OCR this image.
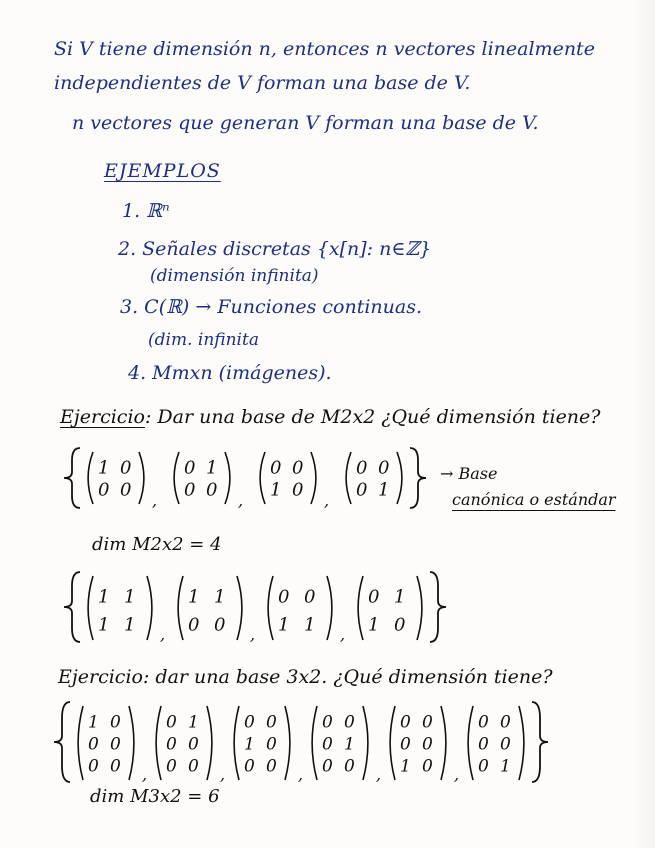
Si V tiene dimensión n, entonces n vectores linealmente
independientes de V forman una base de V.
n vectores que generan V forman una base de V.
EJEMPLOS
1. ℝⁿ
2. Señales discretas {x[n]: n∈ℤ}
(dimensión infinita)
3. C(ℝ) → Funciones continuas.
(dim. infinita
4. Mmxn (imágenes).
Ejercicio: Dar una base de M2x2 ¿Qué dimensión tiene?
1 0
0 0 ,
0 1
0 0 ,
0 0
1 0 ,
0 0
0 1
1 1
1 1 ,
1 1
0 0 ,
0 0
1 1 ,
0 1
1 0
1 0
0 0
0 0 ,
0 1
0 0
0 0 ,
0 0
1 0
0 0 ,
0 0
0 1
0 0 ,
0 0
0 0
1 0 ,
0 0
0 0
0 1
→ Base
canónica o estándar
dim M2x2 = 4
Ejercicio: dar una base 3x2. ¿Qué dimensión tiene?
dim M3x2 = 6
